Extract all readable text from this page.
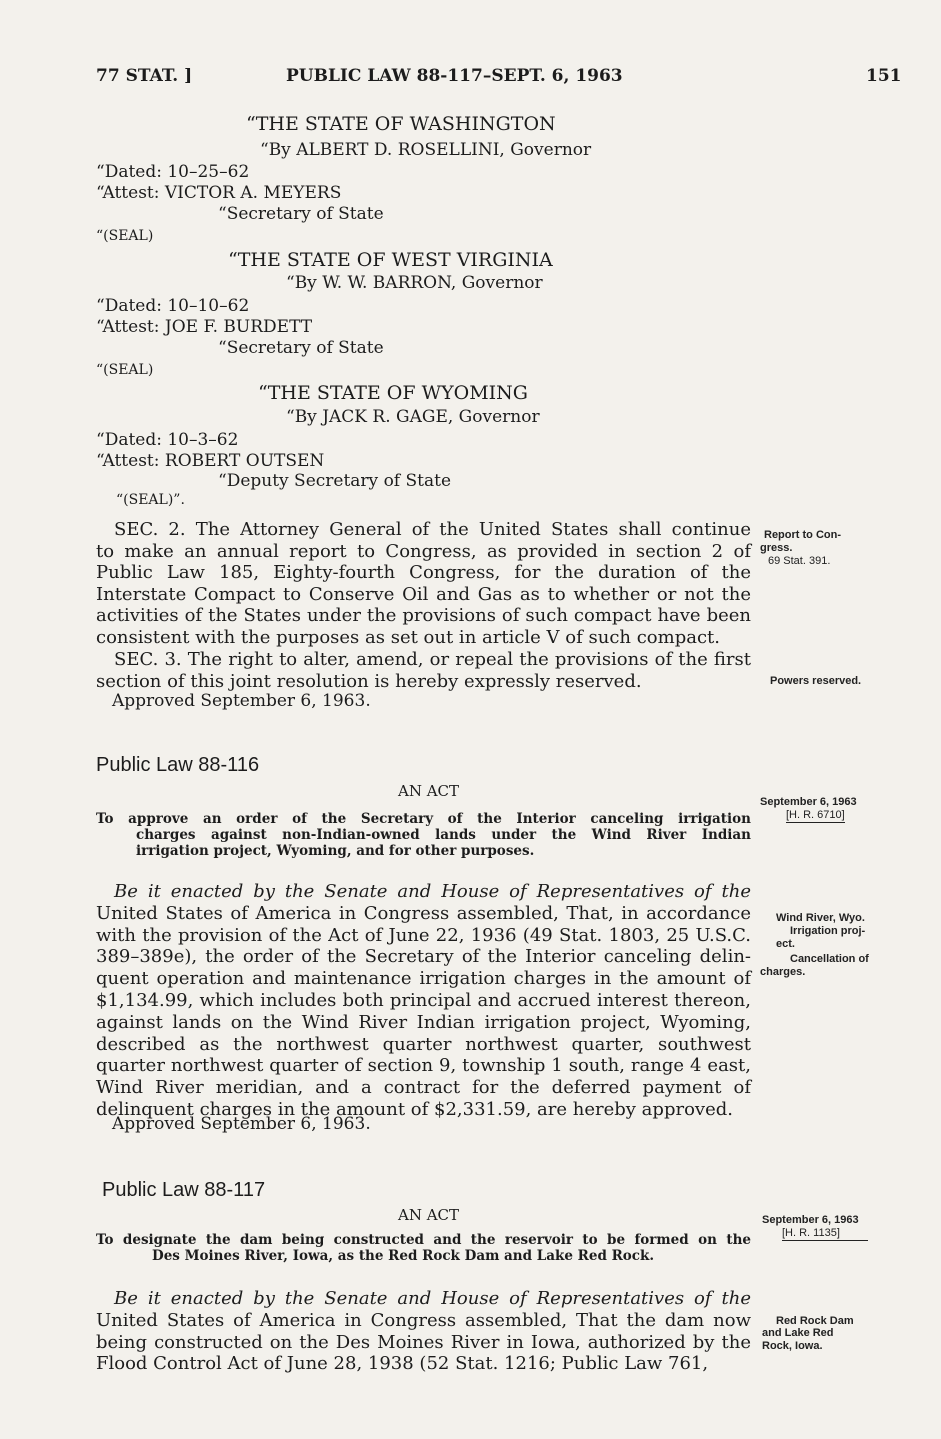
77 STAT. ]	PUBLIC LAW 88-117–SEPT. 6, 1963	151
“THE STATE OF WASHINGTON
“By ALBERT D. ROSELLINI, Governor
“Dated: 10–25–62
“Attest: VICTOR A. MEYERS
“Secretary of State
“(SEAL)
“THE STATE OF WEST VIRGINIA
“By W. W. BARRON, Governor
“Dated: 10–10–62
“Attest: JOE F. BURDETT
“Secretary of State
“(SEAL)
“THE STATE OF WYOMING
“By JACK R. GAGE, Governor
“Dated: 10–3–62
“Attest: ROBERT OUTSEN
“Deputy Secretary of State
“(SEAL)”.
SEC. 2. The Attorney General of the United States shall continue
to make an annual report to Congress, as provided in section 2 of
Public Law 185, Eighty-fourth Congress, for the duration of the
Interstate Compact to Conserve Oil and Gas as to whether or not the
activities of the States under the provisions of such compact have been
consistent with the purposes as set out in article V of such compact.
Report to Con-
gress.
69 Stat. 391.
SEC. 3. The right to alter, amend, or repeal the provisions of the first
section of this joint resolution is hereby expressly reserved.	Powers reserved.
Approved September 6, 1963.
Public Law 88-116
AN ACT
September 6, 1963
[H. R. 6710]
To approve an order of the Secretary of the Interior canceling irrigation
charges against non-Indian-owned lands under the Wind River Indian
irrigation project, Wyoming, and for other purposes.
Be it enacted by the Senate and House of Representatives of the
United States of America in Congress assembled, That, in accordance
with the provision of the Act of June 22, 1936 (49 Stat. 1803, 25 U.S.C.
389–389e), the order of the Secretary of the Interior canceling delin-
quent operation and maintenance irrigation charges in the amount of
$1,134.99, which includes both principal and accrued interest thereon,
against lands on the Wind River Indian irrigation project, Wyoming,
described as the northwest quarter northwest quarter, southwest
quarter northwest quarter of section 9, township 1 south, range 4 east,
Wind River meridian, and a contract for the deferred payment of
delinquent charges in the amount of $2,331.59, are hereby approved.
Approved September 6, 1963.
Wind River, Wyo.
Irrigation proj-
ect.
Cancellation of
charges.
Public Law 88-117
AN ACT	September 6, 1963
[H. R. 1135]
To designate the dam being constructed and the reservoir to be formed on the
Des Moines River, Iowa, as the Red Rock Dam and Lake Red Rock.
Be it enacted by the Senate and House of Representatives of the
United States of America in Congress assembled, That the dam now
being constructed on the Des Moines River in Iowa, authorized by the
Flood Control Act of June 28, 1938 (52 Stat. 1216; Public Law 761,
Red Rock Dam
and Lake Red
Rock, Iowa.
